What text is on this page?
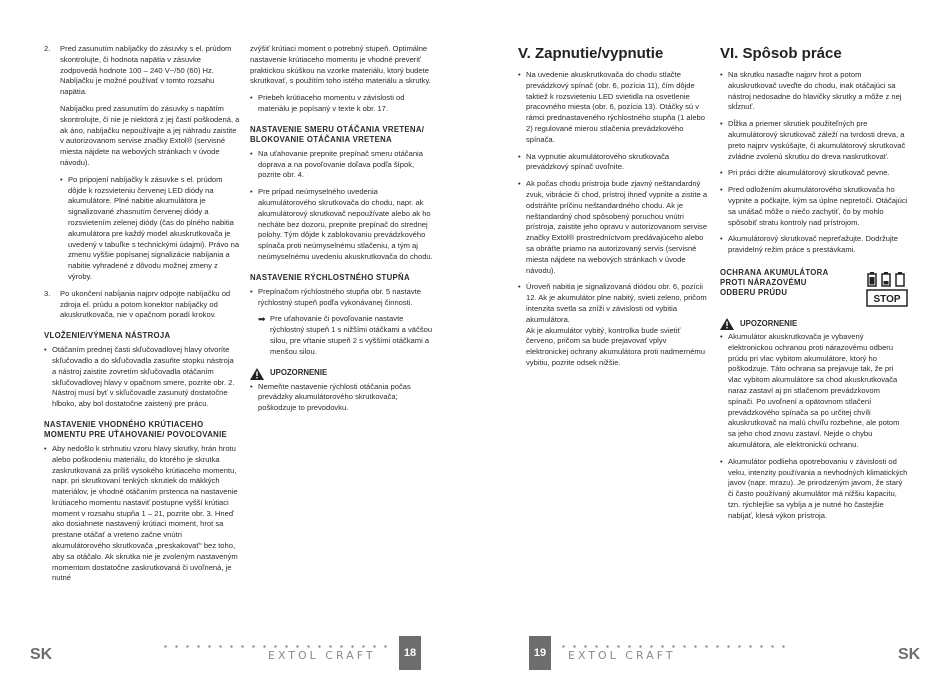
2.	Pred zasunutím nabíjačky do zásuvky s el. prúdom skontrolujte, či hodnota napätia v zásuvke zodpovedá hodnote 100 – 240 V~/50 (60) Hz. Nabíjačku je možné používať v tomto rozsahu napätia.

Nabíjačku pred zasunutím do zásuvky s napätím skontrolujte, či nie je niektorá z jej častí poškodená, a ak áno, nabíjačku nepoužívajte a jej náhradu zaistite v autorizovanom servise značky Extol® (servisné miesta nájdete na webových stránkach v úvode návodu).

• Po pripojení nabíjačky k zásuvke s el. prúdom dôjde k rozsvieteniu červenej LED diódy na akumulátore. Plné nabitie akumulátora je signalizované zhasnutím červenej diódy a rozsvietením zelenej diódy (čas do plného nabitia akumulátora pre každý model akuskrutkovača je uvedený v tabuľke s technickými údajmi). Právo na zmenu vyššie popísanej signalizácie nabíjania a nabitie vyhradené z dôvodu možnej zmeny z výroby.
3.	Po ukončení nabíjania najprv odpojte nabíjačku od zdroja el. prúdu a potom konektor nabíjačky od akuskrutkovača, nie v opačnom poradí krokov.
VLOŽENIE/VÝMENA NÁSTROJA
• Otáčaním prednej časti skľučovadlovej hlavy otvoríte skľučovadlo a do skľučovadla zasuňte stopku nástroja a nástroj zaistite zovretím skľučovadla otáčaním skľučovadlovej hlavy v opačnom smere, pozrite obr. 2. Nástroj musí byť v skľučovadle zasunutý dostatočne hlboko, aby bol dostatočne zaistený pre prácu.
NASTAVENIE VHODNÉHO KRÚTIACEHO MOMENTU PRE UŤAHOVANIE/ POVOĽOVANIE
• Aby nedošlo k strhnutiu vzoru hlavy skrutky, hrán hrotu alebo poškodeniu materiálu, do ktorého je skrutka zaskrutkovaná za príliš vysokého krútiaceho momentu, napr. pri skrutkovaní tenkých skrutiek do mäkkých materiálov, je vhodné otáčaním prstenca na nastavenie krútiaceho momentu nastaviť postupne vyšší krútiaci moment v rozsahu stupňa 1 – 21, pozrite obr. 3. Hneď ako dosiahnete nastavený krútiaci moment, hrot sa prestane otáčať a vreteno začne vnútri akumulátorového skrutkovača „preskakovať“ bez toho, aby sa otáčalo. Ak skrutka nie je zvoleným nastaveným momentom dostatočne zaskrutkovaná či uvoľnená, je nutné

zvýšiť krútiaci moment o potrebný stupeň. Optimálne nastavenie krútiaceho momentu je vhodné preveriť praktickou skúškou na vzorke materiálu, ktorý budete skrutkovať, s použitím toho istého materiálu a skrutky.

• Priebeh krútiaceho momentu v závislosti od materiálu je popísaný v texte k obr. 17.
NASTAVENIE SMERU OTÁČANIA VRETENA/ BLOKOVANIE OTÁČANIA VRETENA
• Na uťahovanie prepnite prepínač smeru otáčania doprava a na povoľovanie doľava podľa šípok, pozrite obr. 4.
• Pre prípad neúmyselného uvedenia akumulátorového skrutkovača do chodu, napr. ak akumulátorový skrutkovač nepoužívate alebo ak ho necháte bez dozoru, prepnite prepínač do strednej polohy. Tým dôjde k zablokovaniu prevádzkového spínača proti neúmyselnému stlačeniu, a tým aj neúmyselnému uvedeniu akuskrutkovača do chodu.
NASTAVENIE RÝCHLOSTNÉHO STUPŇA
• Prepínačom rýchlostného stupňa obr. 5 nastavte rýchlostný stupeň podľa vykonávanej činnosti.
➡ Pre uťahovanie či povoľovanie nastavte rýchlostný stupeň 1 s nižšími otáčkami a väčšou silou, pre vŕtanie stupeň 2 s vyššími otáčkami a menšou silou.
UPOZORNENIE
• Nemeňte nastavenie rýchlosti otáčania počas prevádzky akumulátorového skrutkovača; poškodzuje to prevodovku.
V. Zapnutie/vypnutie
• Na uvedenie akuskrutkovača do chodu stlačte prevádzkový spínač (obr. 6, pozícia 11), čím dôjde taktiež k rozsvieteniu LED svietidla na osvetlenie pracovného miesta (obr. 6, pozícia 13). Otáčky sú v rámci prednastaveného rýchlostného stupňa (1 alebo 2) regulované mierou stlačenia prevádzkového spínača.
• Na vypnutie akumulátorového skrutkovača prevádzkový spínač uvoľnite.
• Ak počas chodu prístroja bude zjavný neštandardný zvuk, vibrácie či chod, prístroj ihneď vypnite a zistite a odstráňte príčinu neštandardného chodu. Ak je neštandardný chod spôsobený poruchou vnútri prístroja, zaistite jeho opravu v autorizovanom servise značky Extol® prostredníctvom predávajúceho alebo sa obráťte priamo na autorizovaný servis (servisné miesta nájdete na webových stránkach v úvode návodu).
• Úroveň nabitia je signalizovaná diódou obr. 6, pozícii 12. Ak je akumulátor plne nabitý, svieti zeleno, pričom intenzita svetla sa zníži v závislosti od vybitia akumulátora.

Ak je akumulátor vybitý, kontrolka bude svietiť červeno, pričom sa bude prejavovať vplyv elektronickej ochrany akumulátora proti nadmernému vybitiu, pozrite odsek nižšie.

VI. Spôsob práce
• Na skrutku nasaďte najprv hrot a potom akuskrutkovač uveďte do chodu, inak otáčajúci sa nástroj nedosadne do hlavičky skrutky a môže z nej skĺznuť.
• Dĺžka a priemer skrutiek použiteľných pre akumulátorový skrutkovač záleží na tvrdosti dreva, a preto najprv vyskúšajte, či akumulátorový skrutkovač zvládne zvolenú skrutku do dreva naskrutkovať.
• Pri práci držte akumulátorový skrutkovač pevne.
• Pred odložením akumulátorového skrutkovača ho vypnite a počkajte, kým sa úplne nepretočí. Otáčajúci sa unášač môže o niečo zachytiť, čo by mohlo spôsobiť stratu kontroly nad prístrojom.
• Akumulátorový skrutkovač nepreťažujte. Dodržujte pravidelný režim práce s prestávkami.
OCHRANA AKUMULÁTORA PROTI NÁRAZOVÉMU ODBERU PRÚDU
STOP
UPOZORNENIE
• Akumulátor akuskrutkovača je vybavený elektronickou ochranou proti nárazovému odberu prúdu pri vlac vybitom akumulátore, ktorý ho poškodzuje. Táto ochrana sa prejavuje tak, že pri vlac vybitom akumulátore sa chod akuskrutkovača naraz zastaví aj pri stlačenom prevádzkovom spínači. Po uvoľnení a opätovnom stlačení prevádzkového spínača sa po určitej chvíli akuskrutkovač na malú chvíľu rozbehne, ale potom sa jeho chod znovu zastaví. Nejde o chybu akumulátora, ale elektronickú ochranu.
• Akumulátor podlieha opotrebovaniu v závislosti od veku, intenzity používania a nevhodných klimatických javov (napr. mrazu). Je prirodzeným javom, že starý či často používaný akumulátor má nižšiu kapacitu, tzn. rýchlejšie sa vybíja a je nutné ho častejšie nabíjať, klesá výkon prístroja.
SK	EXTOL CRAFT	18	19	EXTOL CRAFT	SK
